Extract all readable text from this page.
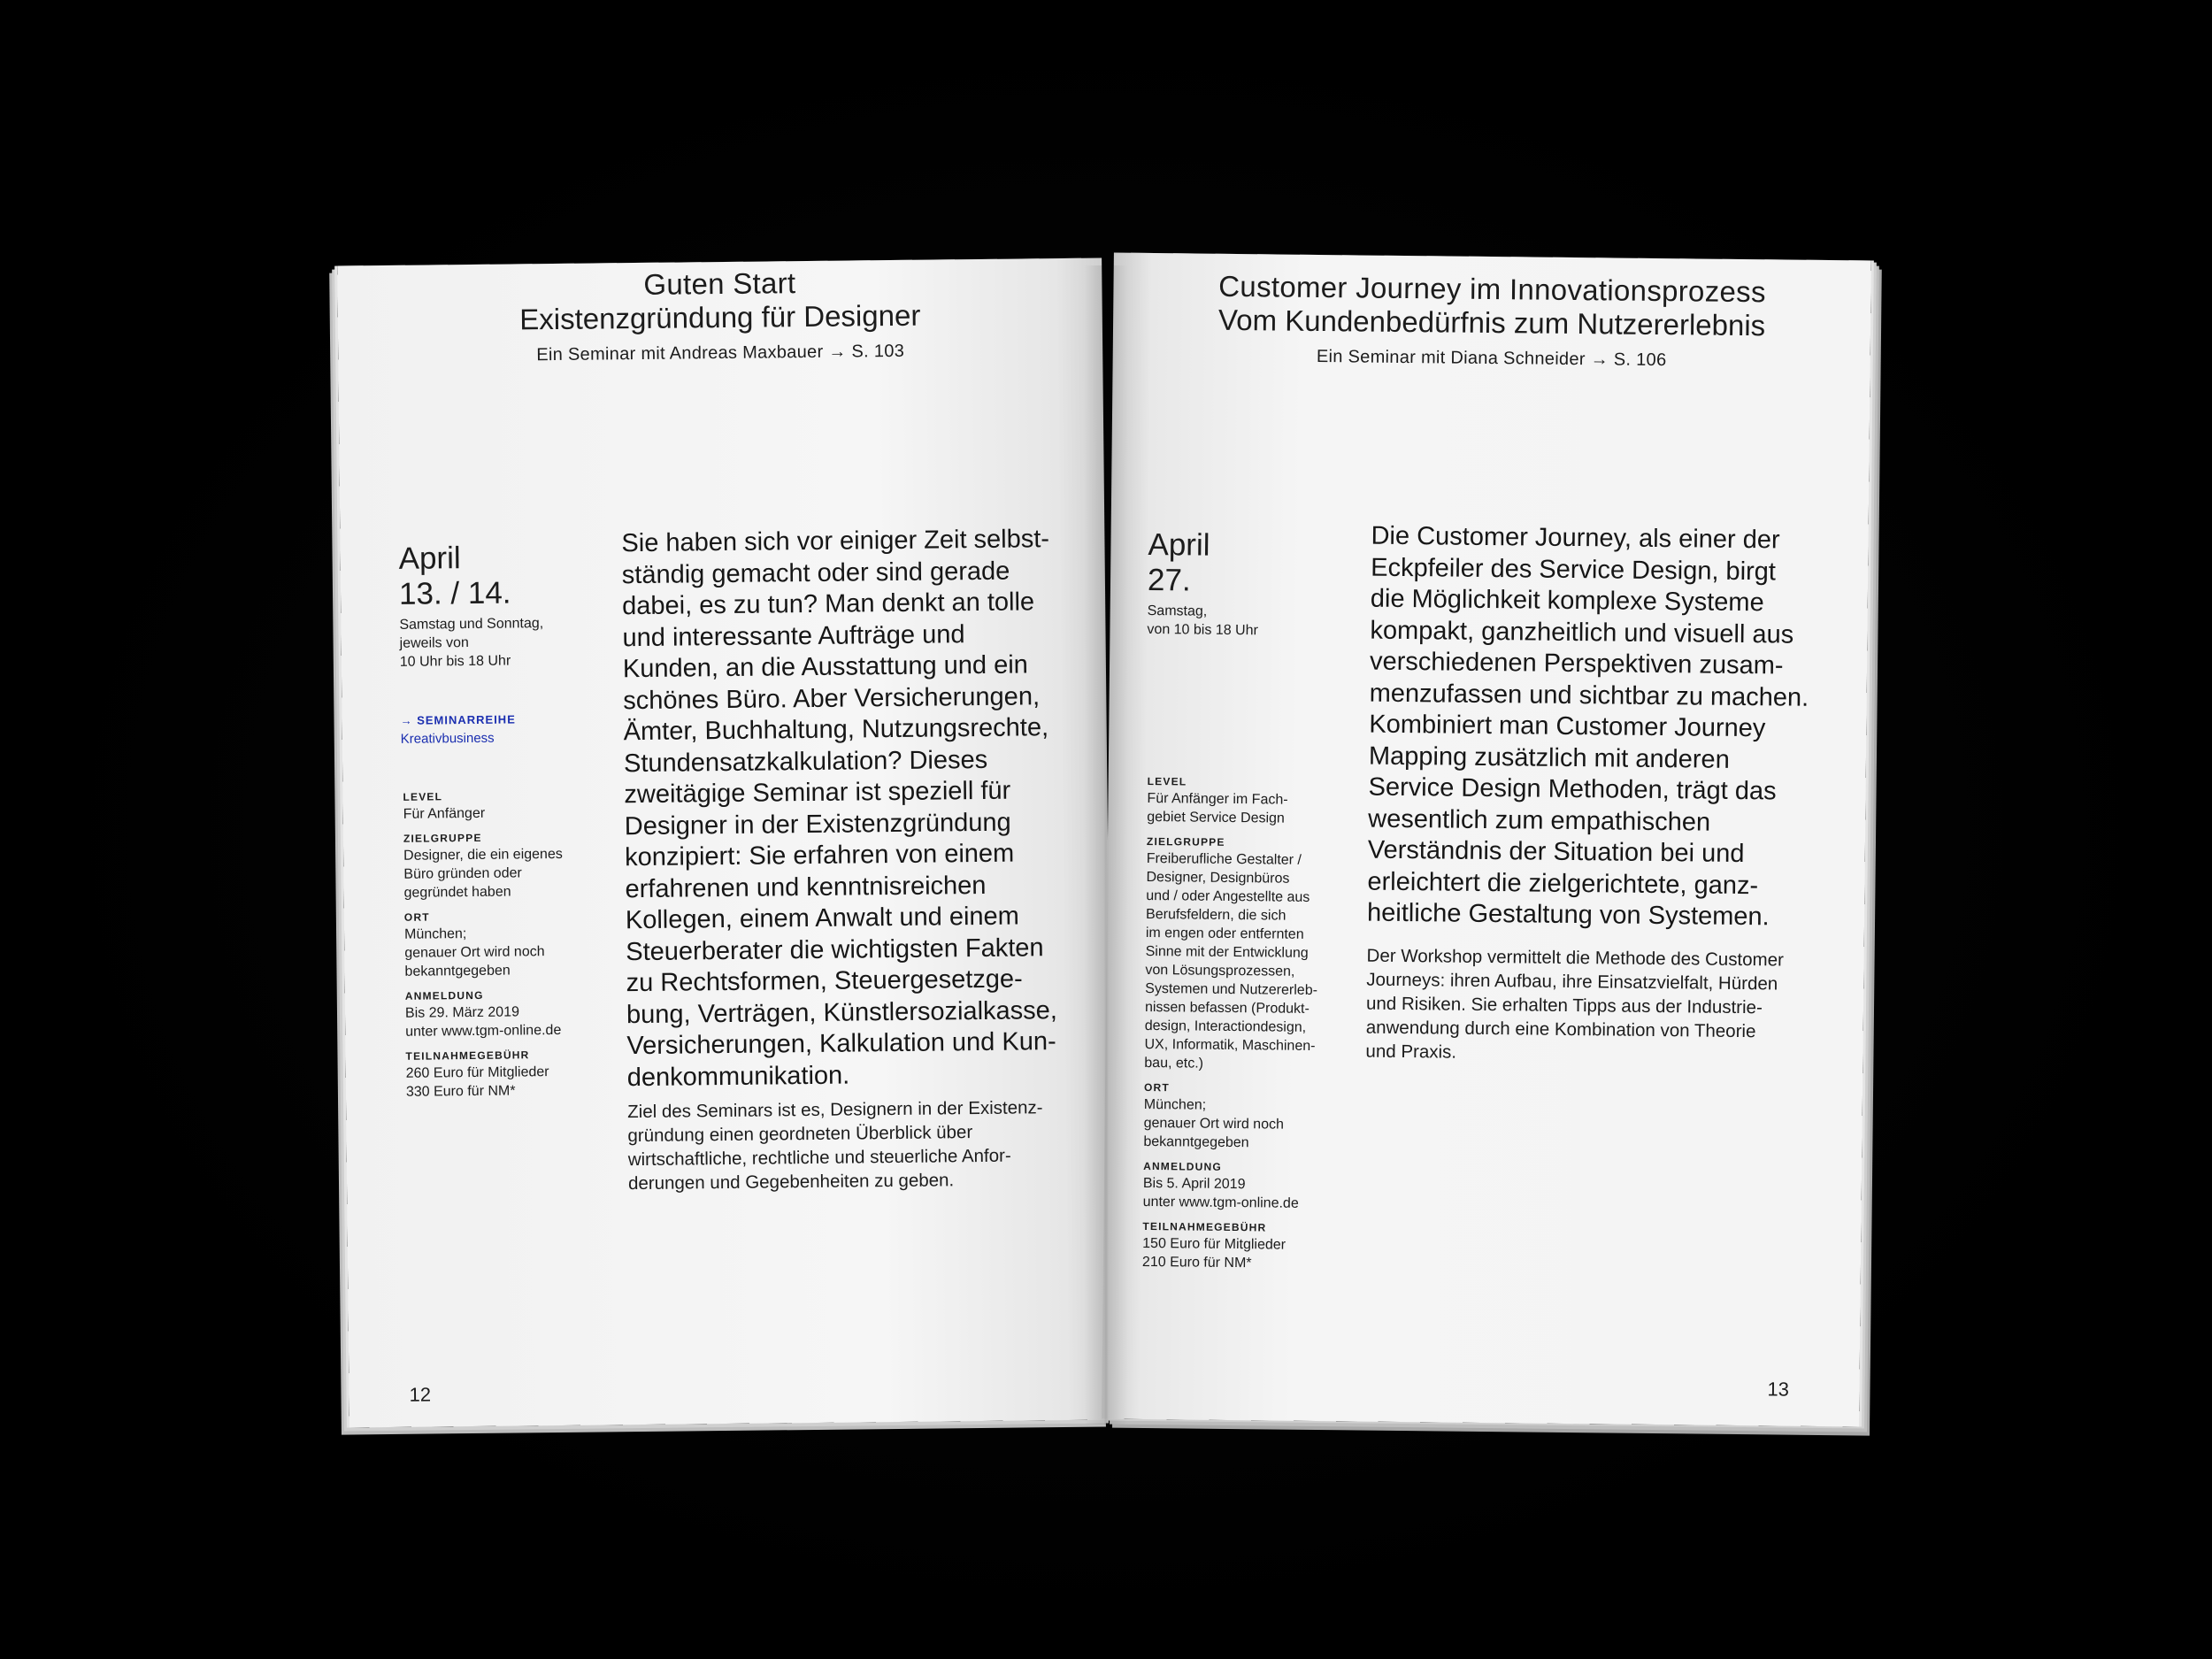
Guten Start
Existenzgründung für Designer
Ein Seminar mit Andreas Maxbauer → S. 103
April
13. / 14.
Samstag und Sonntag,
jeweils von
10 Uhr bis 18 Uhr
→ SEMINARREIHE
Kreativbusiness
LEVEL
Für Anfänger
ZIELGRUPPE
Designer, die ein eigenes
Büro gründen oder
gegründet haben
ORT
München;
genauer Ort wird noch
bekanntgegeben
ANMELDUNG
Bis 29. März 2019
unter www.tgm-online.de
TEILNAHMEGEBÜHR
260 Euro für Mitglieder
330 Euro für NM*
Sie haben sich vor einiger Zeit selbst-
ständig gemacht oder sind gerade
dabei, es zu tun? Man denkt an tolle
und interessante Aufträge und
Kunden, an die Ausstattung und ein
schönes Büro. Aber Versicherungen,
Ämter, Buchhaltung, Nutzungsrechte,
Stundensatzkalkulation? Dieses
zweitägige Seminar ist speziell für
Designer in der Existenzgründung
konzipiert: Sie erfahren von einem
erfahrenen und kenntnisreichen
Kollegen, einem Anwalt und einem
Steuerberater die wichtigsten Fakten
zu Rechtsformen, Steuergesetzge-
bung, Verträgen, Künstlersozialkasse,
Versicherungen, Kalkulation und Kun-
denkommunikation.
Ziel des Seminars ist es, Designern in der Existenz-
gründung einen geordneten Überblick über
wirtschaftliche, rechtliche und steuerliche Anfor-
derungen und Gegebenheiten zu geben.
12
Customer Journey im Innovationsprozess
Vom Kundenbedürfnis zum Nutzererlebnis
Ein Seminar mit Diana Schneider → S. 106
April
27.
Samstag,
von 10 bis 18 Uhr
LEVEL
Für Anfänger im Fach-
gebiet Service Design
ZIELGRUPPE
Freiberufliche Gestalter /
Designer, Designbüros
und / oder Angestellte aus
Berufsfeldern, die sich
im engen oder entfernten
Sinne mit der Entwicklung
von Lösungsprozessen,
Systemen und Nutzererleb-
nissen befassen (Produkt-
design, Interactiondesign,
UX, Informatik, Maschinen-
bau, etc.)
ORT
München;
genauer Ort wird noch
bekanntgegeben
ANMELDUNG
Bis 5. April 2019
unter www.tgm-online.de
TEILNAHMEGEBÜHR
150 Euro für Mitglieder
210 Euro für NM*
Die Customer Journey, als einer der
Eckpfeiler des Service Design, birgt
die Möglichkeit komplexe Systeme
kompakt, ganzheitlich und visuell aus
verschiedenen Perspektiven zusam-
menzufassen und sichtbar zu machen.
Kombiniert man Customer Journey
Mapping zusätzlich mit anderen
Service Design Methoden, trägt das
wesentlich zum empathischen
Verständnis der Situation bei und
erleichtert die zielgerichtete, ganz-
heitliche Gestaltung von Systemen.
Der Workshop vermittelt die Methode des Customer
Journeys: ihren Aufbau, ihre Einsatzvielfalt, Hürden
und Risiken. Sie erhalten Tipps aus der Industrie-
anwendung durch eine Kombination von Theorie
und Praxis.
13
